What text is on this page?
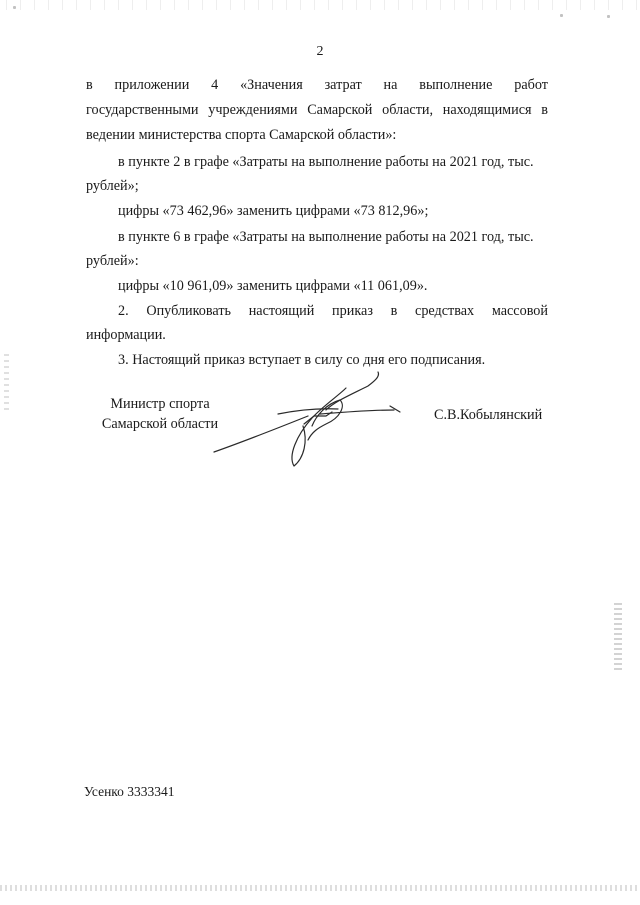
2

в приложении 4 «Значения затрат на выполнение работ

государственными учреждениями Самарской области, находящимися в

ведении министерства спорта Самарской области»:

в пункте 2 в графе «Затраты на выполнение работы на 2021 год, тыс.

рублей»;

цифры «73 462,96» заменить цифрами «73 812,96»;

в пункте 6 в графе «Затраты на выполнение работы на 2021 год, тыс.

рублей»:

цифры «10 961,09» заменить цифрами «11 061,09».

2. Опубликовать настоящий приказ в средствах массовой

информации.

3. Настоящий приказ вступает в силу со дня его подписания.

Министр спорта
Самарской области
С.В.Кобылянский
Усенко 3333341
